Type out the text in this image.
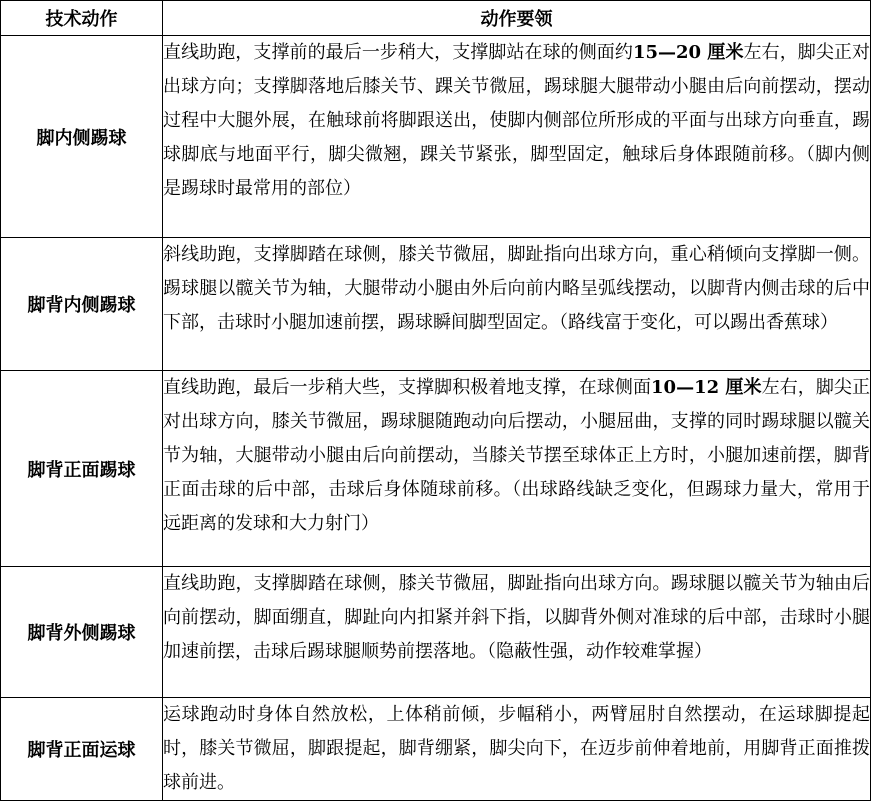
技术动作	动作要领
脚内侧踢球	直线助跑，支撑前的最后一步稍大，支撑脚站在球的侧面约15—20 厘米左右，脚尖正对出球方向；支撑脚落地后膝关节、踝关节微屈，踢球腿大腿带动小腿由后向前摆动，摆动过程中大腿外展，在触球前将脚跟送出，使脚内侧部位所形成的平面与出球方向垂直，踢球脚底与地面平行，脚尖微翘，踝关节紧张，脚型固定，触球后身体跟随前移。（脚内侧是踢球时最常用的部位）
脚背内侧踢球	斜线助跑，支撑脚踏在球侧，膝关节微屈，脚趾指向出球方向，重心稍倾向支撑脚一侧。踢球腿以髋关节为轴，大腿带动小腿由外后向前内略呈弧线摆动，以脚背内侧击球的后中下部，击球时小腿加速前摆，踢球瞬间脚型固定。（路线富于变化，可以踢出香蕉球）
脚背正面踢球	直线助跑，最后一步稍大些，支撑脚积极着地支撑，在球侧面10—12 厘米左右，脚尖正对出球方向，膝关节微屈，踢球腿随跑动向后摆动，小腿屈曲，支撑的同时踢球腿以髋关节为轴，大腿带动小腿由后向前摆动，当膝关节摆至球体正上方时，小腿加速前摆，脚背正面击球的后中部，击球后身体随球前移。（出球路线缺乏变化，但踢球力量大，常用于远距离的发球和大力射门）
脚背外侧踢球	直线助跑，支撑脚踏在球侧，膝关节微屈，脚趾指向出球方向。踢球腿以髋关节为轴由后向前摆动，脚面绷直，脚趾向内扣紧并斜下指，以脚背外侧对准球的后中部，击球时小腿加速前摆，击球后踢球腿顺势前摆落地。（隐蔽性强，动作较难掌握）
脚背正面运球	运球跑动时身体自然放松，上体稍前倾，步幅稍小，两臂屈肘自然摆动，在运球脚提起时，膝关节微屈，脚跟提起，脚背绷紧，脚尖向下，在迈步前伸着地前，用脚背正面推拨球前进。
